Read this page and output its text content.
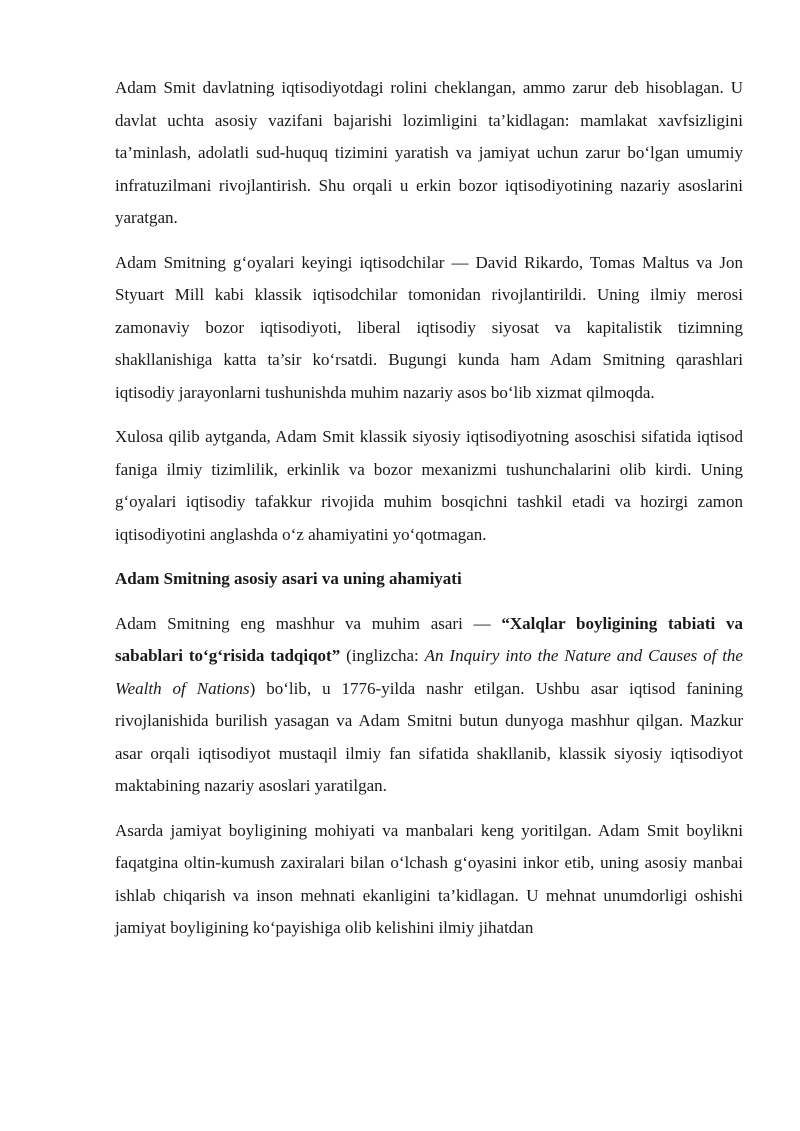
Adam Smit davlatning iqtisodiyotdagi rolini cheklangan, ammo zarur deb hisoblagan. U davlat uchta asosiy vazifani bajarishi lozimligini ta’kidlagan: mamlakat xavfsizligini ta’minlash, adolatli sud-huquq tizimini yaratish va jamiyat uchun zarur bo‘lgan umumiy infratuzilmani rivojlantirish. Shu orqali u erkin bozor iqtisodiyotining nazariy asoslarini yaratgan.

Adam Smitning g‘oyalari keyingi iqtisodchilar — David Rikardo, Tomas Maltus va Jon Styuart Mill kabi klassik iqtisodchilar tomonidan rivojlantirildi. Uning ilmiy merosi zamonaviy bozor iqtisodiyoti, liberal iqtisodiy siyosat va kapitalistik tizimning shakllanishiga katta ta’sir ko‘rsatdi. Bugungi kunda ham Adam Smitning qarashlari iqtisodiy jarayonlarni tushunishda muhim nazariy asos bo‘lib xizmat qilmoqda.

Xulosa qilib aytganda, Adam Smit klassik siyosiy iqtisodiyotning asoschisi sifatida iqtisod faniga ilmiy tizimlilik, erkinlik va bozor mexanizmi tushunchalarini olib kirdi. Uning g‘oyalari iqtisodiy tafakkur rivojida muhim bosqichni tashkil etadi va hozirgi zamon iqtisodiyotini anglashda o‘z ahamiyatini yo‘qotmagan.

Adam Smitning asosiy asari va uning ahamiyati

Adam Smitning eng mashhur va muhim asari — “Xalqlar boyligining tabiati va sabablari to‘g‘risida tadqiqot” (inglizcha: An Inquiry into the Nature and Causes of the Wealth of Nations) bo‘lib, u 1776-yilda nashr etilgan. Ushbu asar iqtisod fanining rivojlanishida burilish yasagan va Adam Smitni butun dunyoga mashhur qilgan. Mazkur asar orqali iqtisodiyot mustaqil ilmiy fan sifatida shakllanib, klassik siyosiy iqtisodiyot maktabining nazariy asoslari yaratilgan.

Asarda jamiyat boyligining mohiyati va manbalari keng yoritilgan. Adam Smit boylikni faqatgina oltin-kumush zaxiralari bilan o‘lchash g‘oyasini inkor etib, uning asosiy manbai ishlab chiqarish va inson mehnati ekanligini ta’kidlagan. U mehnat unumdorligi oshishi jamiyat boyligining ko‘payishiga olib kelishini ilmiy jihatdan
